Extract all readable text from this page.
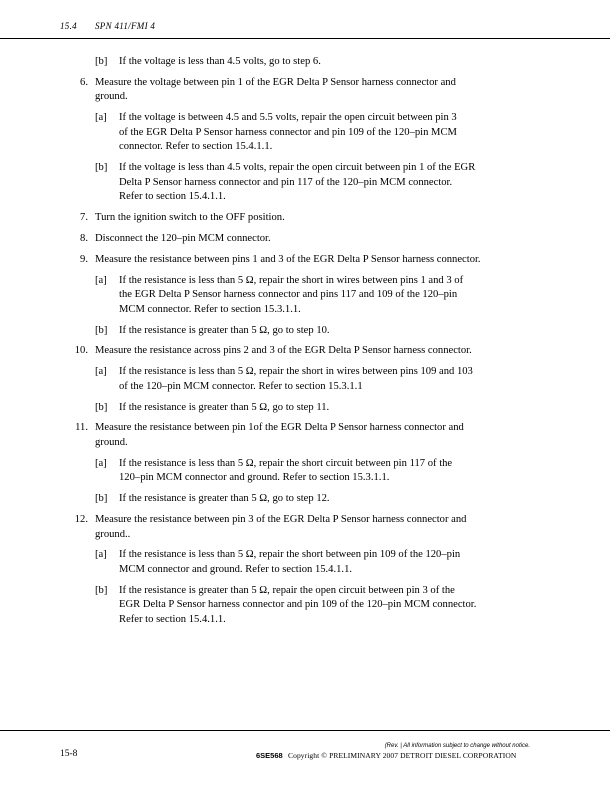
15.4 SPN 411/FMI 4
[b] If the voltage is less than 4.5 volts, go to step 6.
6. Measure the voltage between pin 1 of the EGR Delta P Sensor harness connector and
ground.
[a] If the voltage is between 4.5 and 5.5 volts, repair the open circuit between pin 3
of the EGR Delta P Sensor harness connector and pin 109 of the 120–pin MCM
connector. Refer to section 15.4.1.1.
[b] If the voltage is less than 4.5 volts, repair the open circuit between pin 1 of the EGR
Delta P Sensor harness connector and pin 117 of the 120–pin MCM connector.
Refer to section 15.4.1.1.
7. Turn the ignition switch to the OFF position.
8. Disconnect the 120–pin MCM connector.
9. Measure the resistance between pins 1 and 3 of the EGR Delta P Sensor harness connector.
[a] If the resistance is less than 5 Ω, repair the short in wires between pins 1 and 3 of
the EGR Delta P Sensor harness connector and pins 117 and 109 of the 120–pin
MCM connector. Refer to section 15.3.1.1.
[b] If the resistance is greater than 5 Ω, go to step 10.
10. Measure the resistance across pins 2 and 3 of the EGR Delta P Sensor harness connector.
[a] If the resistance is less than 5 Ω, repair the short in wires between pins 109 and 103
of the 120–pin MCM connector. Refer to section 15.3.1.1
[b] If the resistance is greater than 5 Ω, go to step 11.
11. Measure the resistance between pin 1of the EGR Delta P Sensor harness connector and
ground.
[a] If the resistance is less than 5 Ω, repair the short circuit between pin 117 of the
120–pin MCM connector and ground. Refer to section 15.3.1.1.
[b] If the resistance is greater than 5 Ω, go to step 12.
12. Measure the resistance between pin 3 of the EGR Delta P Sensor harness connector and
ground..
[a] If the resistance is less than 5 Ω, repair the short between pin 109 of the 120–pin
MCM connector and ground. Refer to section 15.4.1.1.
[b] If the resistance is greater than 5 Ω, repair the open circuit between pin 3 of the
EGR Delta P Sensor harness connector and pin 109 of the 120–pin MCM connector.
Refer to section 15.4.1.1.
15-8
(Rev. | All information subject to change without notice.
6SE568 Copyright © PRELIMINARY 2007 DETROIT DIESEL CORPORATION
